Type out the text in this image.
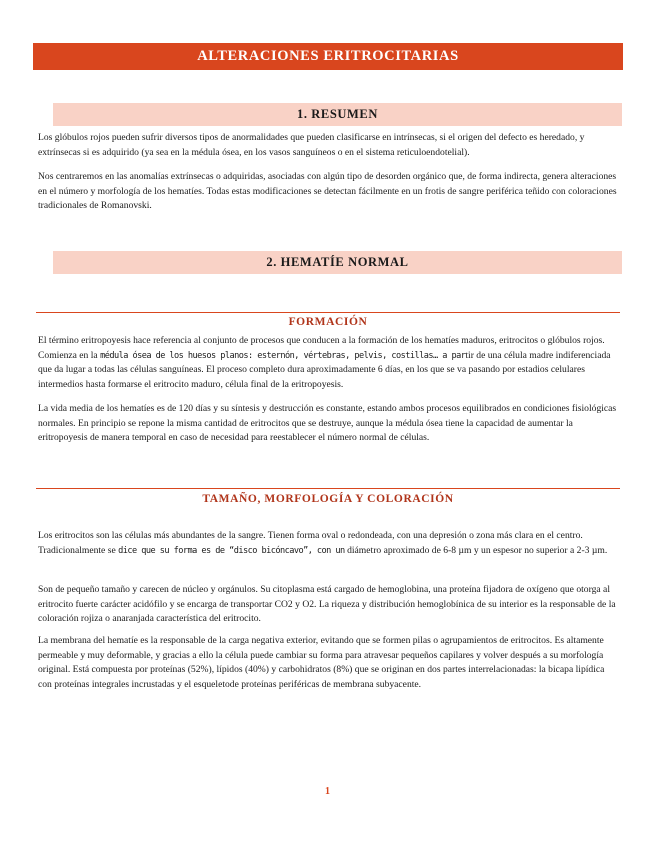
ALTERACIONES ERITROCITARIAS
1. RESUMEN

Los glóbulos rojos pueden sufrir diversos tipos de anormalidades que pueden clasificarse en intrínsecas, si el origen del defecto es heredado, y extrínsecas si es adquirido (ya sea en la médula ósea, en los vasos sanguíneos o en el sistema reticuloendotelial).

Nos centraremos en las anomalías extrínsecas o adquiridas, asociadas con algún tipo de desorden orgánico que, de forma indirecta, genera alteraciones en el número y morfología de los hematíes. Todas estas modificaciones se detectan fácilmente en un frotis de sangre periférica teñido con coloraciones tradicionales de Romanovski.

2. HEMATÍE NORMAL
FORMACIÓN

El término eritropoyesis hace referencia al conjunto de procesos que conducen a la formación de los hematíes maduros, eritrocitos o glóbulos rojos. Comienza en la médula ósea de los huesos planos: esternón, vértebras, pelvis, costillas… a partir de una célula madre indiferenciada que da lugar a todas las células sanguíneas. El proceso completo dura aproximadamente 6 días, en los que se va pasando por estadios celulares intermedios hasta formarse el eritrocito maduro, célula final de la eritropoyesis.

La vida media de los hematíes es de 120 días y su síntesis y destrucción es constante, estando ambos procesos equilibrados en condiciones fisiológicas normales. En principio se repone la misma cantidad de eritrocitos que se destruye, aunque la médula ósea tiene la capacidad de aumentar la eritropoyesis de manera temporal en caso de necesidad para reestablecer el número normal de células.

TAMAÑO, MORFOLOGÍA Y COLORACIÓN

Los eritrocitos son las células más abundantes de la sangre. Tienen forma oval o redondeada, con una depresión o zona más clara en el centro. Tradicionalmente se dice que su forma es de “disco bicóncavo”, con un diámetro aproximado de 6-8 µm y un espesor no superior a 2-3 µm.

Son de pequeño tamaño y carecen de núcleo y orgánulos. Su citoplasma está cargado de hemoglobina, una proteína fijadora de oxígeno que otorga al eritrocito fuerte carácter acidófilo y se encarga de transportar CO2 y O2. La riqueza y distribución hemoglobínica de su interior es la responsable de la coloración rojiza o anaranjada característica del eritrocito.

La membrana del hematíe es la responsable de la carga negativa exterior, evitando que se formen pilas o agrupamientos de eritrocitos. Es altamente permeable y muy deformable, y gracias a ello la célula puede cambiar su forma para atravesar pequeños capilares y volver después a su morfología original. Está compuesta por proteínas (52%), lípidos (40%) y carbohidratos (8%) que se originan en dos partes interrelacionadas: la bicapa lipídica con proteínas integrales incrustadas y el esqueletode proteínas periféricas de membrana subyacente.

1
